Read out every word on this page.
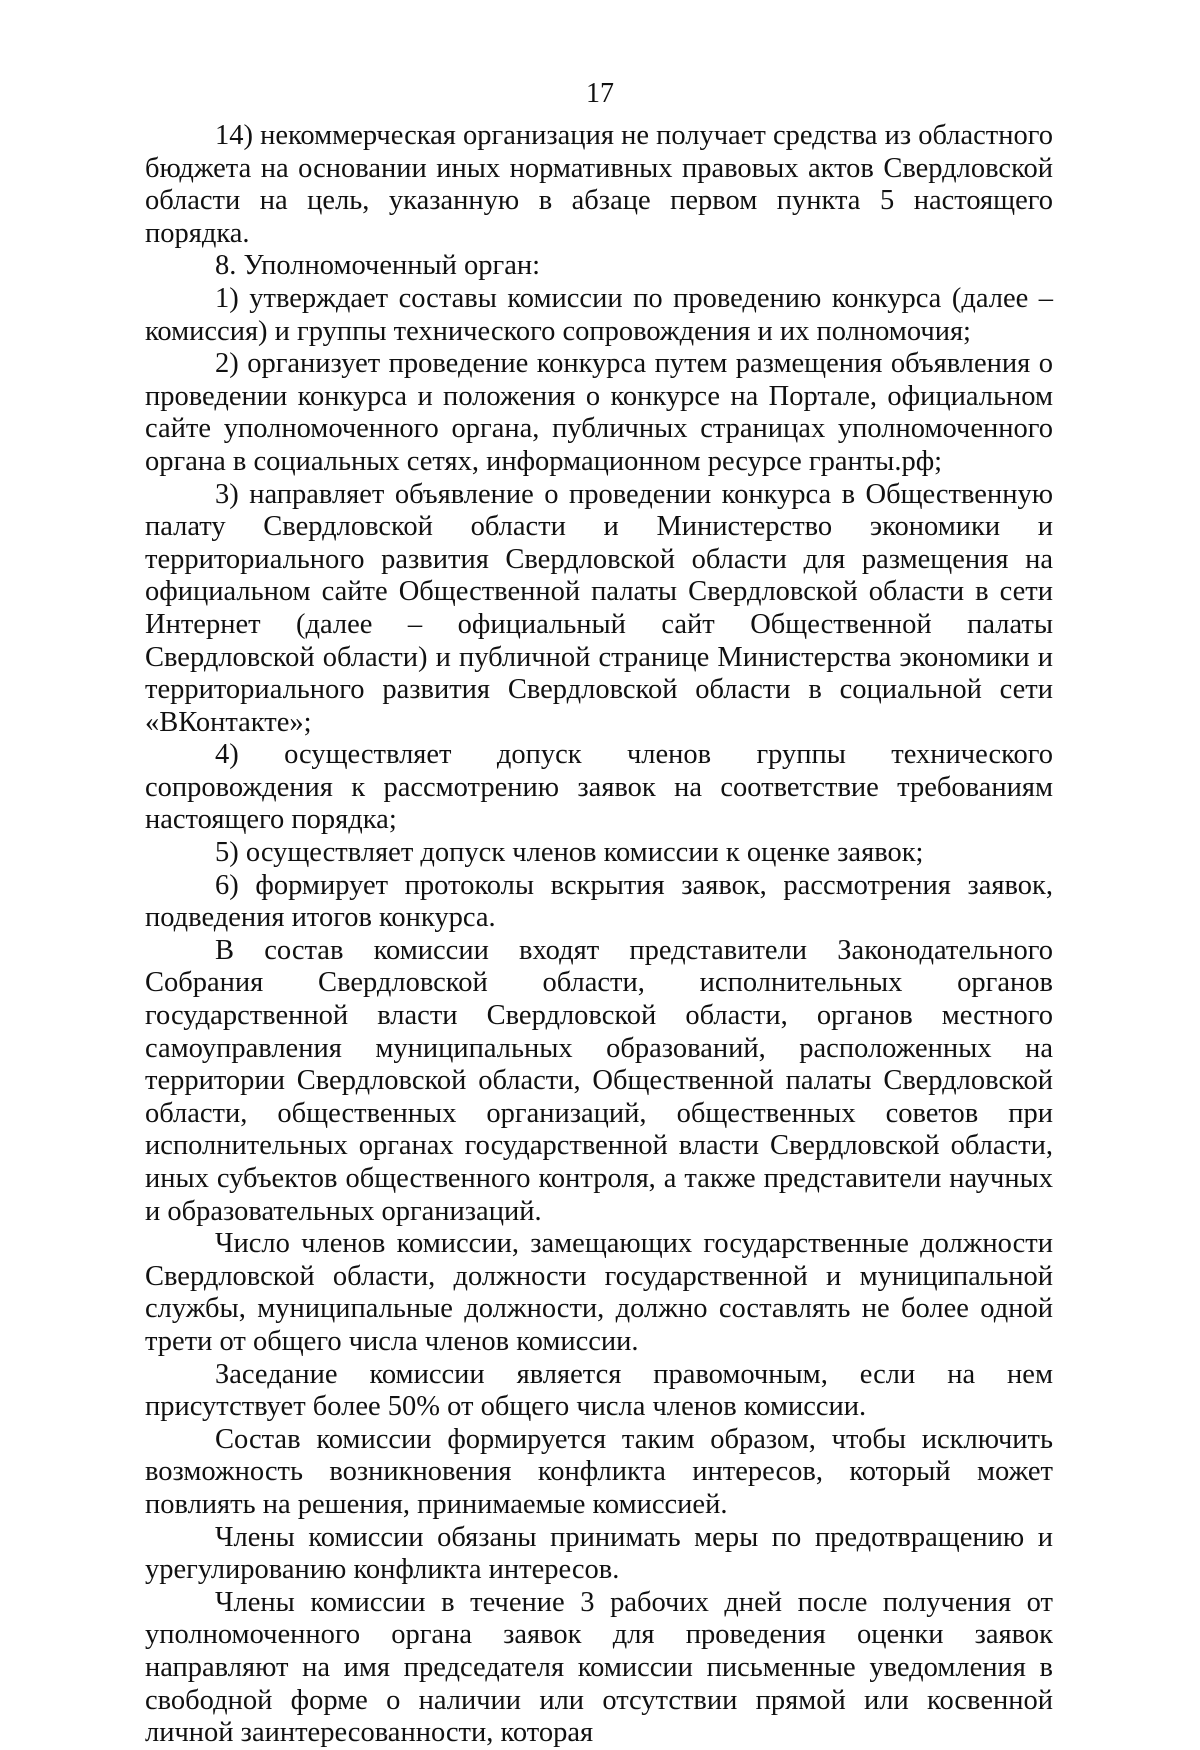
17

14) некоммерческая организация не получает средства из областного бюджета на основании иных нормативных правовых актов Свердловской области на цель, указанную в абзаце первом пункта 5 настоящего порядка.

8. Уполномоченный орган:

1) утверждает составы комиссии по проведению конкурса (далее – комиссия) и группы технического сопровождения и их полномочия;

2) организует проведение конкурса путем размещения объявления о проведении конкурса и положения о конкурсе на Портале, официальном сайте уполномоченного органа, публичных страницах уполномоченного органа в социальных сетях, информационном ресурсе гранты.рф;

3) направляет объявление о проведении конкурса в Общественную палату Свердловской области и Министерство экономики и территориального развития Свердловской области для размещения на официальном сайте Общественной палаты Свердловской области в сети Интернет (далее – официальный сайт Общественной палаты Свердловской области) и публичной странице Министерства экономики и территориального развития Свердловской области в социальной сети «ВКонтакте»;

4) осуществляет допуск членов группы технического сопровождения к рассмотрению заявок на соответствие требованиям настоящего порядка;

5) осуществляет допуск членов комиссии к оценке заявок;

6) формирует протоколы вскрытия заявок, рассмотрения заявок, подведения итогов конкурса.

В состав комиссии входят представители Законодательного Собрания Свердловской области, исполнительных органов государственной власти Свердловской области, органов местного самоуправления муниципальных образований, расположенных на территории Свердловской области, Общественной палаты Свердловской области, общественных организаций, общественных советов при исполнительных органах государственной власти Свердловской области, иных субъектов общественного контроля, а также представители научных и образовательных организаций.

Число членов комиссии, замещающих государственные должности Свердловской области, должности государственной и муниципальной службы, муниципальные должности, должно составлять не более одной трети от общего числа членов комиссии.

Заседание комиссии является правомочным, если на нем присутствует более 50% от общего числа членов комиссии.

Состав комиссии формируется таким образом, чтобы исключить возможность возникновения конфликта интересов, который может повлиять на решения, принимаемые комиссией.

Члены комиссии обязаны принимать меры по предотвращению и урегулированию конфликта интересов.

Члены комиссии в течение 3 рабочих дней после получения от уполномоченного органа заявок для проведения оценки заявок направляют на имя председателя комиссии письменные уведомления в свободной форме о наличии или отсутствии прямой или косвенной личной заинтересованности, которая
